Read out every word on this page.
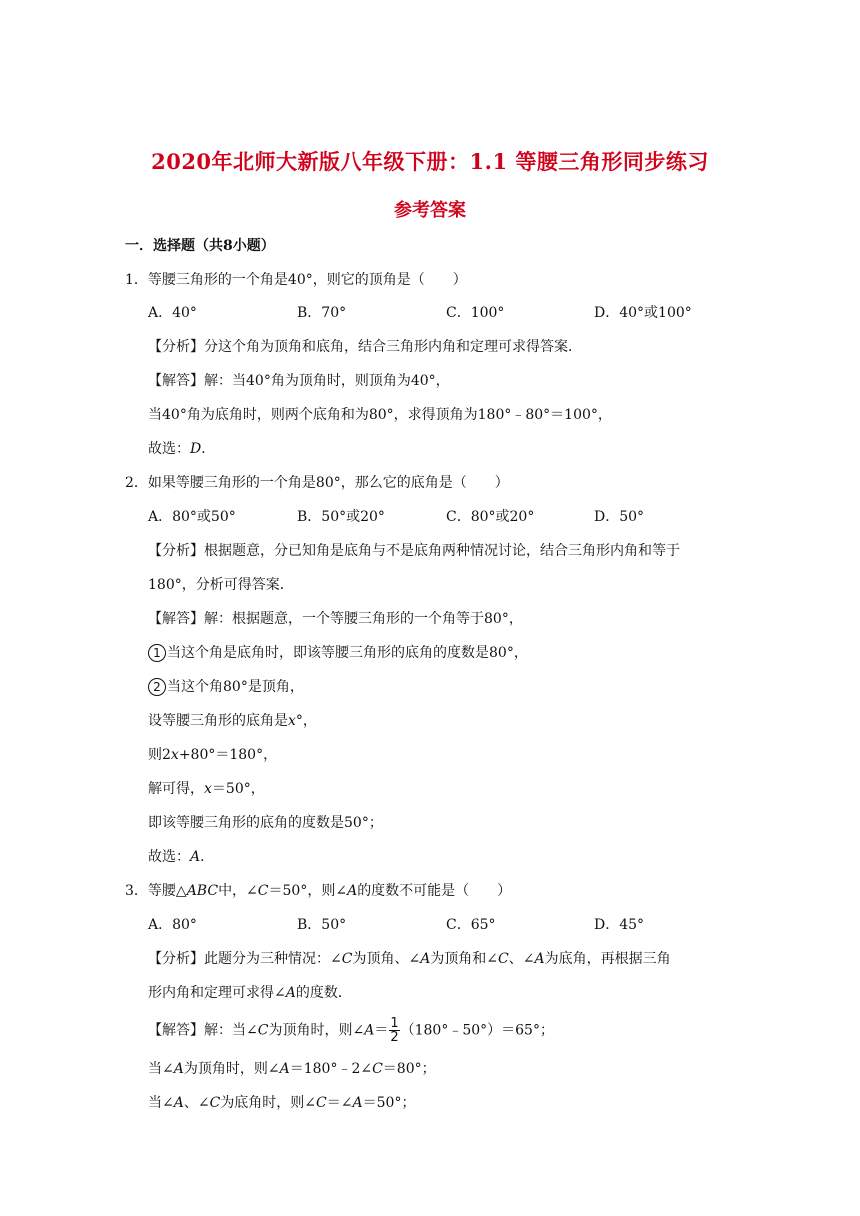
2020年北师大新版八年级下册：1.1 等腰三角形同步练习
参考答案
一．选择题（共8小题）
1．等腰三角形的一个角是40°，则它的顶角是（　　）
A．40°	B．70°	C．100°	D．40°或100°
【分析】分这个角为顶角和底角，结合三角形内角和定理可求得答案．
【解答】解：当40°角为顶角时，则顶角为40°，
当40°角为底角时，则两个底角和为80°，求得顶角为180°﹣80°＝100°，
故选：D．
2．如果等腰三角形的一个角是80°，那么它的底角是（　　）
A．80°或50°	B．50°或20°	C．80°或20°	D．50°
【分析】根据题意，分已知角是底角与不是底角两种情况讨论，结合三角形内角和等于
180°，分析可得答案．
【解答】解：根据题意，一个等腰三角形的一个角等于80°，
1 当这个角是底角时，即该等腰三角形的底角的度数是80°，
2 当这个角80°是顶角，
设等腰三角形的底角是x°，
则2x+80°＝180°，
解可得，x＝50°，
即该等腰三角形的底角的度数是50°；
故选：A．
3．等腰△ABC中，∠C＝50°，则∠A的度数不可能是（　　）
A．80°	B．50°	C．65°	D．45°
【分析】此题分为三种情况：∠C为顶角、∠A为顶角和∠C、∠A为底角，再根据三角
形内角和定理可求得∠A的度数．
【解答】解：当∠C为顶角时，则∠A＝ $\frac{1}{2}$ （180°﹣50°）＝65°；
当∠A为顶角时，则∠A＝180°﹣2∠C＝80°；
当∠A、∠C为底角时，则∠C＝∠A＝50°；
